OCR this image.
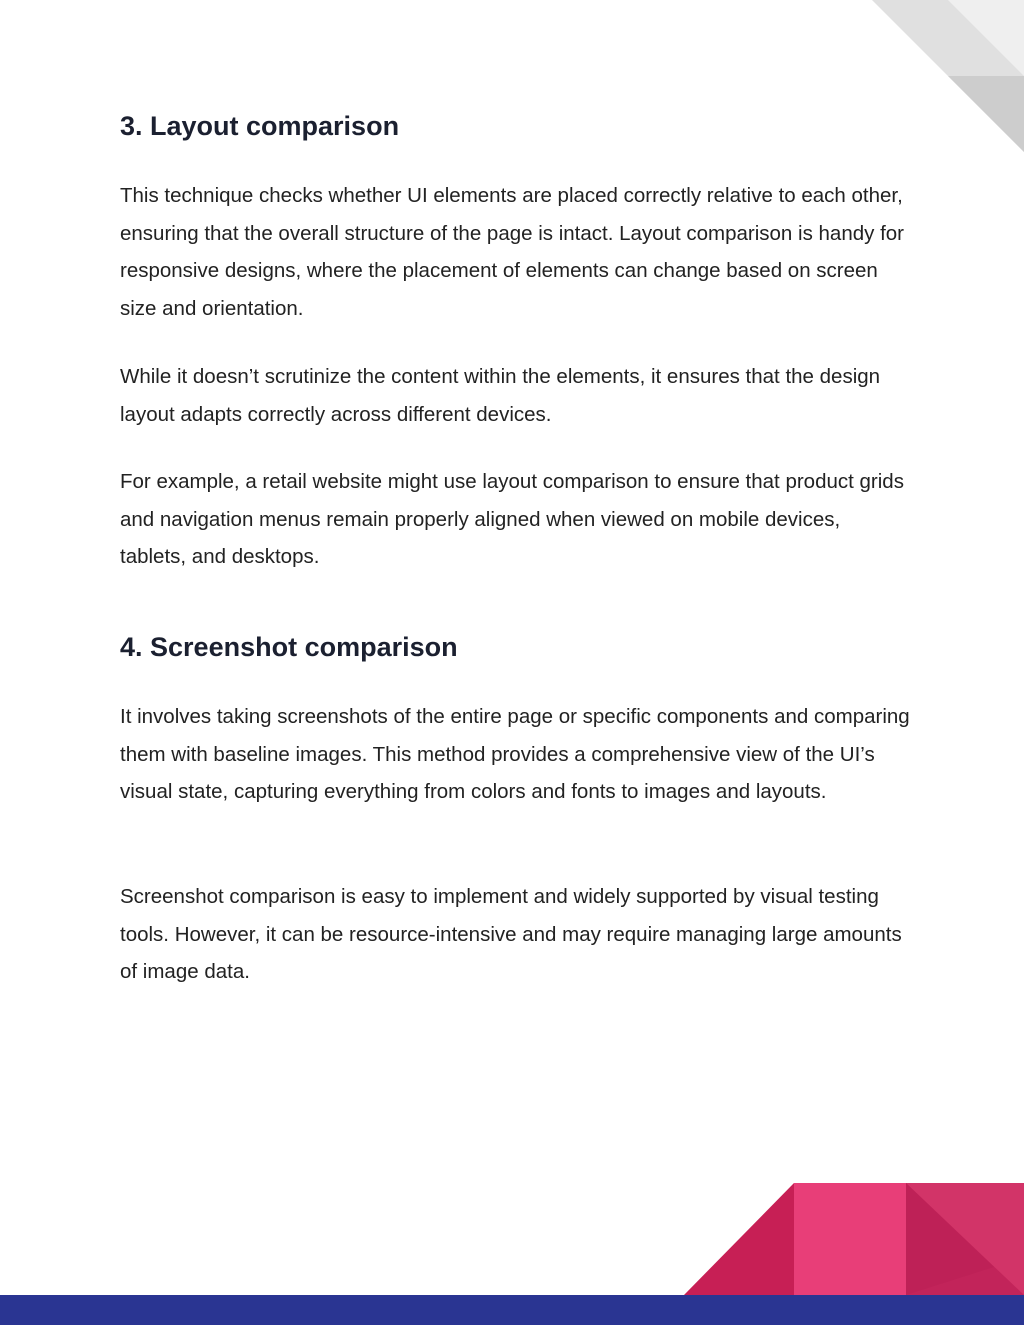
3. Layout comparison

This technique checks whether UI elements are placed correctly relative to each other, ensuring that the overall structure of the page is intact. Layout comparison is handy for responsive designs, where the placement of elements can change based on screen size and orientation.

While it doesn’t scrutinize the content within the elements, it ensures that the design layout adapts correctly across different devices.

For example, a retail website might use layout comparison to ensure that product grids and navigation menus remain properly aligned when viewed on mobile devices, tablets, and desktops.

4. Screenshot comparison

It involves taking screenshots of the entire page or specific components and comparing them with baseline images. This method provides a comprehensive view of the UI’s visual state, capturing everything from colors and fonts to images and layouts.

Screenshot comparison is easy to implement and widely supported by visual testing tools. However, it can be resource-intensive and may require managing large amounts of image data.
